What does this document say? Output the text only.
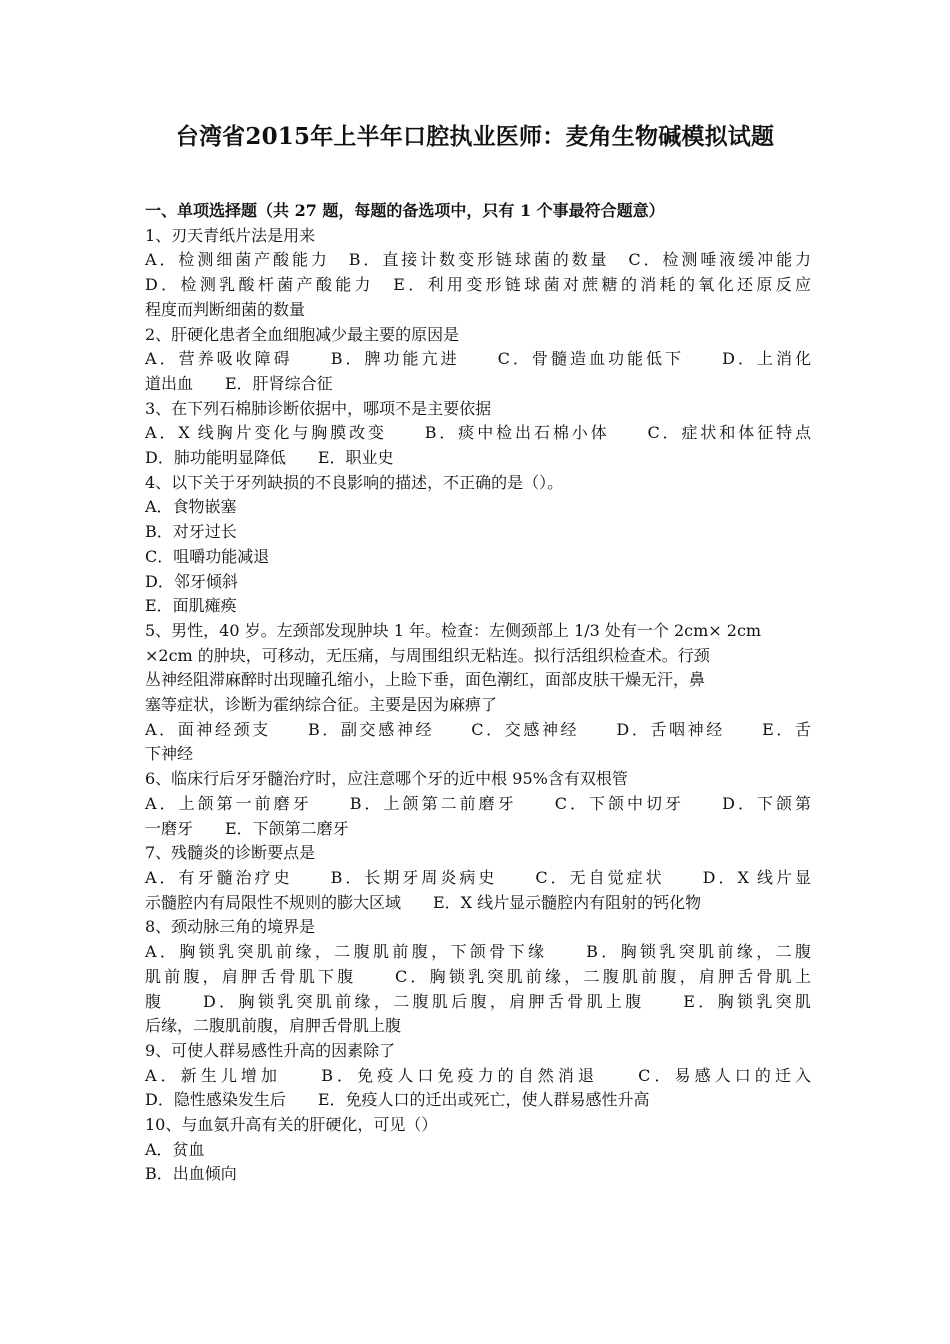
台湾省2015年上半年口腔执业医师：麦角生物碱模拟试题
一、单项选择题（共 27 题，每题的备选项中，只有 1 个事最符合题意）
1、刃天青纸片法是用来
A．检测细菌产酸能力　B．直接计数变形链球菌的数量　C．检测唾液缓冲能力
D．检测乳酸杆菌产酸能力　E．利用变形链球菌对蔗糖的消耗的氧化还原反应
程度而判断细菌的数量
2、肝硬化患者全血细胞减少最主要的原因是
A．营养吸收障碍　　B．脾功能亢进　　C．骨髓造血功能低下　　D．上消化
道出血　　E．肝肾综合征
3、在下列石棉肺诊断依据中，哪项不是主要依据
A．X 线胸片变化与胸膜改变　　B．痰中检出石棉小体　　C．症状和体征特点
D．肺功能明显降低　　E．职业史
4、以下关于牙列缺损的不良影响的描述，不正确的是（）。
A．食物嵌塞
B．对牙过长
C．咀嚼功能减退
D．邻牙倾斜
E．面肌瘫痪
5、男性，40 岁。左颈部发现肿块 1 年。检查：左侧颈部上 1/3 处有一个 2cm× 2cm
×2cm 的肿块，可移动，无压痛，与周围组织无粘连。拟行活组织检查术。行颈
丛神经阻滞麻醉时出现瞳孔缩小，上睑下垂，面色潮红，面部皮肤干燥无汗，鼻
塞等症状，诊断为霍纳综合征。主要是因为麻痹了
A．面神经颈支　　B．副交感神经　　C．交感神经　　D．舌咽神经　　E．舌
下神经
6、临床行后牙牙髓治疗时，应注意哪个牙的近中根 95%含有双根管
A．上颌第一前磨牙　　B．上颌第二前磨牙　　C．下颌中切牙　　D．下颌第
一磨牙　　E．下颌第二磨牙
7、残髓炎的诊断要点是
A．有牙髓治疗史　　B．长期牙周炎病史　　C．无自觉症状　　D．X 线片显
示髓腔内有局限性不规则的膨大区域　　E．X 线片显示髓腔内有阻射的钙化物
8、颈动脉三角的境界是
A．胸锁乳突肌前缘，二腹肌前腹，下颌骨下缘　　B．胸锁乳突肌前缘，二腹
肌前腹，肩胛舌骨肌下腹　　C．胸锁乳突肌前缘，二腹肌前腹，肩胛舌骨肌上
腹　　D．胸锁乳突肌前缘，二腹肌后腹，肩胛舌骨肌上腹　　E．胸锁乳突肌
后缘，二腹肌前腹，肩胛舌骨肌上腹
9、可使人群易感性升高的因素除了
A．新生儿增加　　B．免疫人口免疫力的自然消退　　C．易感人口的迁入
D．隐性感染发生后　　E．免疫人口的迁出或死亡，使人群易感性升高
10、与血氨升高有关的肝硬化，可见（）
A．贫血
B．出血倾向
